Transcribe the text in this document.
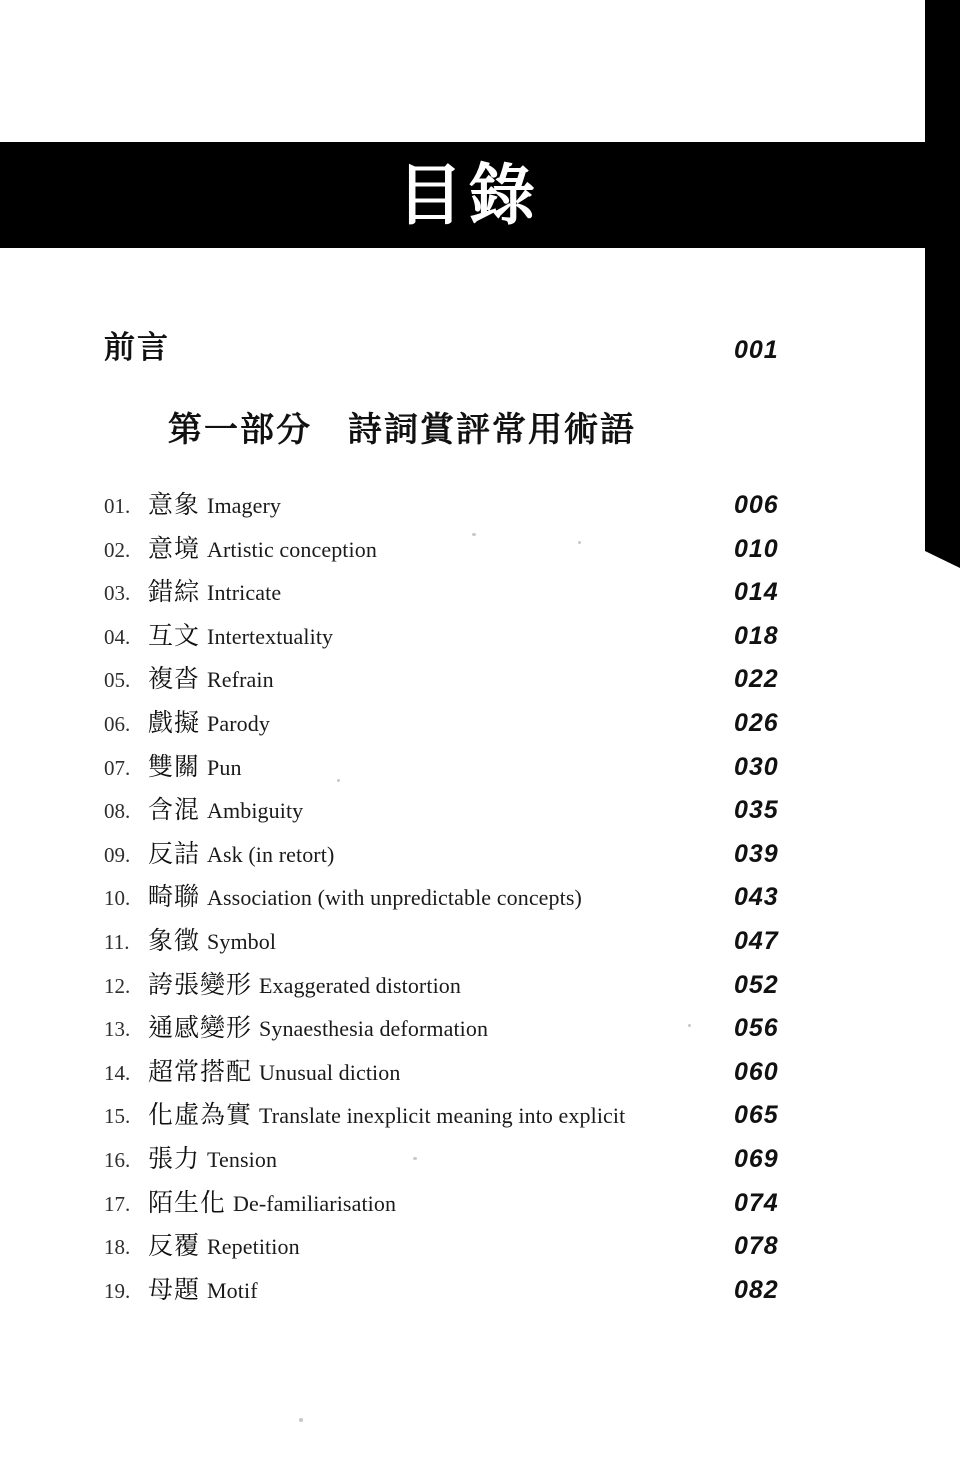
目錄
前言	001
第一部分　詩詞賞評常用術語
01. 意象 Imagery	006
02. 意境 Artistic conception	010
03. 錯綜 Intricate	014
04. 互文 Intertextuality	018
05. 複沓 Refrain	022
06. 戲擬 Parody	026
07. 雙關 Pun	030
08. 含混 Ambiguity	035
09. 反詰 Ask (in retort)	039
10. 畸聯 Association (with unpredictable concepts)	043
11. 象徵 Symbol	047
12. 誇張變形 Exaggerated distortion	052
13. 通感變形 Synaesthesia deformation	056
14. 超常搭配 Unusual diction	060
15. 化虛為實 Translate inexplicit meaning into explicit	065
16. 張力 Tension	069
17. 陌生化 De-familiarisation	074
18. 反覆 Repetition	078
19. 母題 Motif	082
